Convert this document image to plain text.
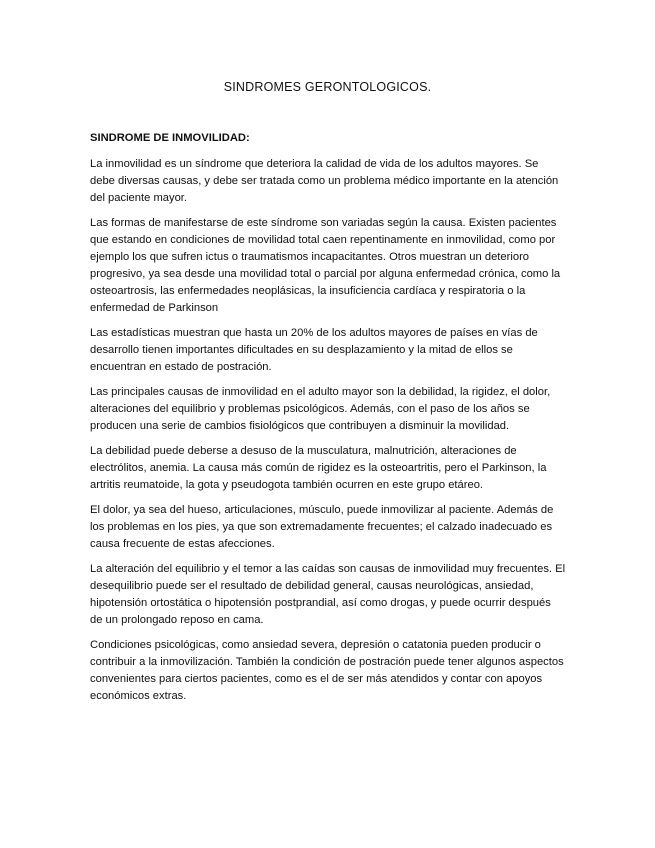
SINDROMES GERONTOLOGICOS.
SINDROME DE INMOVILIDAD:

La inmovilidad es un síndrome que deteriora la calidad de vida de los adultos mayores. Se debe diversas causas, y debe ser tratada como un problema médico importante en la atención del paciente mayor.

Las formas de manifestarse de este síndrome son variadas según la causa. Existen pacientes que estando en condiciones de movilidad total caen repentinamente en inmovilidad, como por ejemplo los que sufren ictus o traumatismos incapacitantes. Otros muestran un deterioro progresivo, ya sea desde una movilidad total o parcial por alguna enfermedad crónica, como la osteoartrosis, las enfermedades neoplásicas, la insuficiencia cardíaca y respiratoria o la enfermedad de Parkinson

Las estadísticas muestran que hasta un 20% de los adultos mayores de países en vías de desarrollo tienen importantes dificultades en su desplazamiento y la mitad de ellos se encuentran en estado de postración.

Las principales causas de inmovilidad en el adulto mayor son la debilidad, la rigidez, el dolor, alteraciones del equilibrio y problemas psicológicos. Además, con el paso de los años se producen una serie de cambios fisiológicos que contribuyen a disminuir la movilidad.

La debilidad puede deberse a desuso de la musculatura, malnutrición, alteraciones de electrólitos, anemia. La causa más común de rigidez es la osteoartritis, pero el Parkinson, la artritis reumatoide, la gota y pseudogota también ocurren en este grupo etáreo.

El dolor, ya sea del hueso, articulaciones, músculo, puede inmovilizar al paciente. Además de los problemas en los pies, ya que son extremadamente frecuentes; el calzado inadecuado es causa frecuente de estas afecciones.

La alteración del equilibrio y el temor a las caídas son causas de inmovilidad muy frecuentes. El desequilibrio puede ser el resultado de debilidad general, causas neurológicas, ansiedad, hipotensión ortostática o hipotensión postprandial, así como drogas, y puede ocurrir después de un prolongado reposo en cama.

Condiciones psicológicas, como ansiedad severa, depresión o catatonia pueden producir o contribuir a la inmovilización. También la condición de postración puede tener algunos aspectos convenientes para ciertos pacientes, como es el de ser más atendidos y contar con apoyos económicos extras.
